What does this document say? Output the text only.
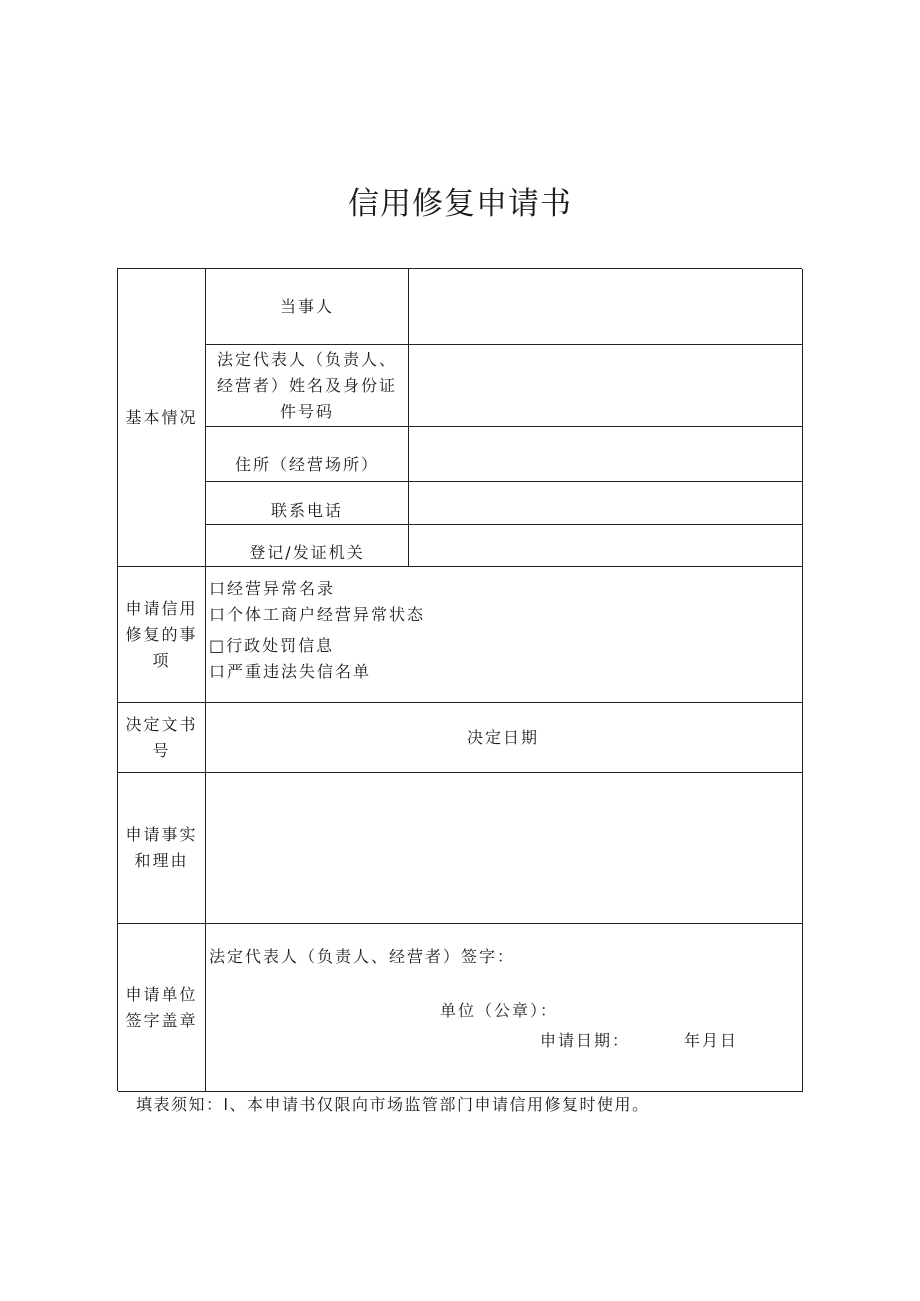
信用修复申请书
基本情况
当事人
法定代表人（负责人、
经营者）姓名及身份证
件号码
住所（经营场所）
联系电话
登记/发证机关
申请信用
修复的事
项
口经营异常名录
口个体工商户经营异常状态
□行政处罚信息
口严重违法失信名单
决定文书
号
决定日期
申请事实
和理由
申请单位
签字盖章
法定代表人（负责人、经营者）签字：
单位（公章）：
申请日期：	年月日
填表须知：l、本申请书仅限向市场监管部门申请信用修复时使用。
